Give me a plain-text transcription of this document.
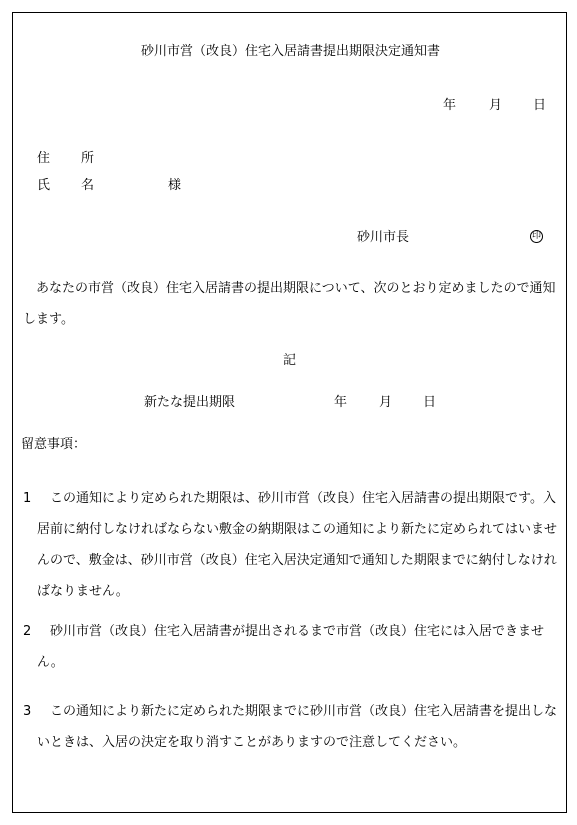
砂川市営（改良）住宅入居請書提出期限決定通知書
年	月 日
住　所
氏　名	様
砂川市長	印
あなたの市営（改良）住宅入居請書の提出期限について、次のとおり定めましたので通知します。
記
新たな提出期限	年 月 日
留意事項：
1	この通知により定められた期限は、砂川市営（改良）住宅入居請書の提出期限です。入居前に納付しなければならない敷金の納期限はこの通知により新たに定められてはいませんので、敷金は、砂川市営（改良）住宅入居決定通知で通知した期限までに納付しなければなりません。
2	砂川市営（改良）住宅入居請書が提出されるまで市営（改良）住宅には入居できません。
3	この通知により新たに定められた期限までに砂川市営（改良）住宅入居請書を提出しないときは、入居の決定を取り消すことがありますので注意してください。
